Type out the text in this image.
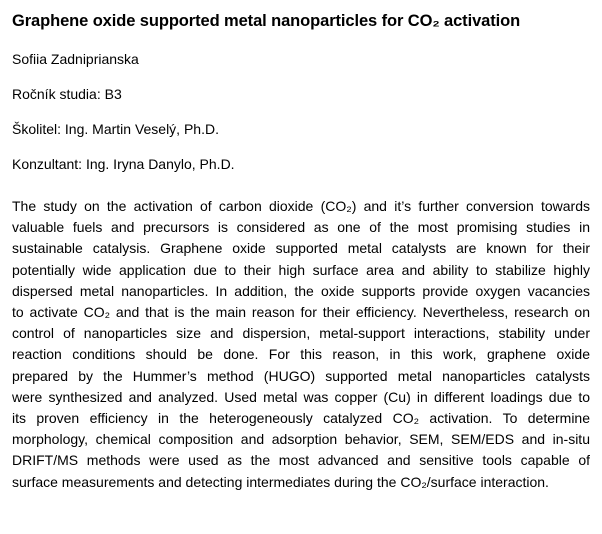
Graphene oxide supported metal nanoparticles for CO₂ activation

Sofiia Zadniprianska

Ročník studia: B3

Školitel: Ing. Martin Veselý, Ph.D.

Konzultant: Ing. Iryna Danylo, Ph.D.

The study on the activation of carbon dioxide (CO₂) and it’s further conversion towards
valuable fuels and precursors is considered as one of the most promising studies in
sustainable catalysis. Graphene oxide supported metal catalysts are known for their
potentially wide application due to their high surface area and ability to stabilize highly
dispersed metal nanoparticles. In addition, the oxide supports provide oxygen vacancies
to activate CO₂ and that is the main reason for their efficiency. Nevertheless, research on
control of nanoparticles size and dispersion, metal-support interactions, stability under
reaction conditions should be done. For this reason, in this work, graphene oxide
prepared by the Hummer’s method (HUGO) supported metal nanoparticles catalysts
were synthesized and analyzed. Used metal was copper (Cu) in different loadings due to
its proven efficiency in the heterogeneously catalyzed CO₂ activation. To determine
morphology, chemical composition and adsorption behavior, SEM, SEM/EDS and in-situ
DRIFT/MS methods were used as the most advanced and sensitive tools capable of
surface measurements and detecting intermediates during the CO₂/surface interaction.
